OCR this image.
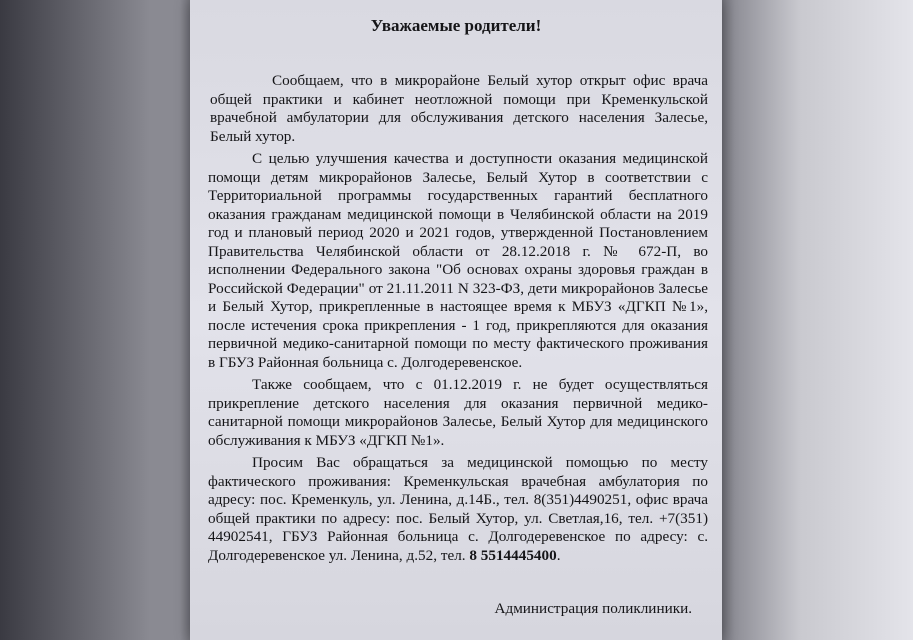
Уважаемые родители!

Сообщаем, что в микрорайоне Белый хутор открыт офис врача общей практики и кабинет неотложной помощи при Кременкульской врачебной амбулатории для обслуживания детского населения Залесье, Белый хутор.

С целью улучшения качества и доступности оказания медицинской помощи детям микрорайонов Залесье, Белый Хутор в соответствии с Территориальной программы государственных гарантий бесплатного оказания гражданам медицинской помощи в Челябинской области на 2019 год и плановый период 2020 и 2021 годов, утвержденной Постановлением Правительства Челябинской области от 28.12.2018 г. № 672-П, во исполнении Федерального закона "Об основах охраны здоровья граждан в Российской Федерации" от 21.11.2011 N 323-ФЗ, дети микрорайонов Залесье и Белый Хутор, прикрепленные в настоящее время к МБУЗ «ДГКП №1», после истечения срока прикрепления - 1 год, прикрепляются для оказания первичной медико-санитарной помощи по месту фактического проживания в ГБУЗ Районная больница с. Долгодеревенское.

Также сообщаем, что с 01.12.2019 г. не будет осуществляться прикрепление детского населения для оказания первичной медико-санитарной помощи микрорайонов Залесье, Белый Хутор для медицинского обслуживания к МБУЗ «ДГКП №1».

Просим Вас обращаться за медицинской помощью по месту фактического проживания: Кременкульская врачебная амбулатория по адресу: пос. Кременкуль, ул. Ленина, д.14Б., тел. 8(351)4490251, офис врача общей практики по адресу: пос. Белый Хутор, ул. Светлая,16, тел. +7(351) 44902541, ГБУЗ Районная больница с. Долгодеревенское по адресу: с. Долгодеревенское ул. Ленина, д.52, тел. 8 5514445400.

Администрация поликлиники.
